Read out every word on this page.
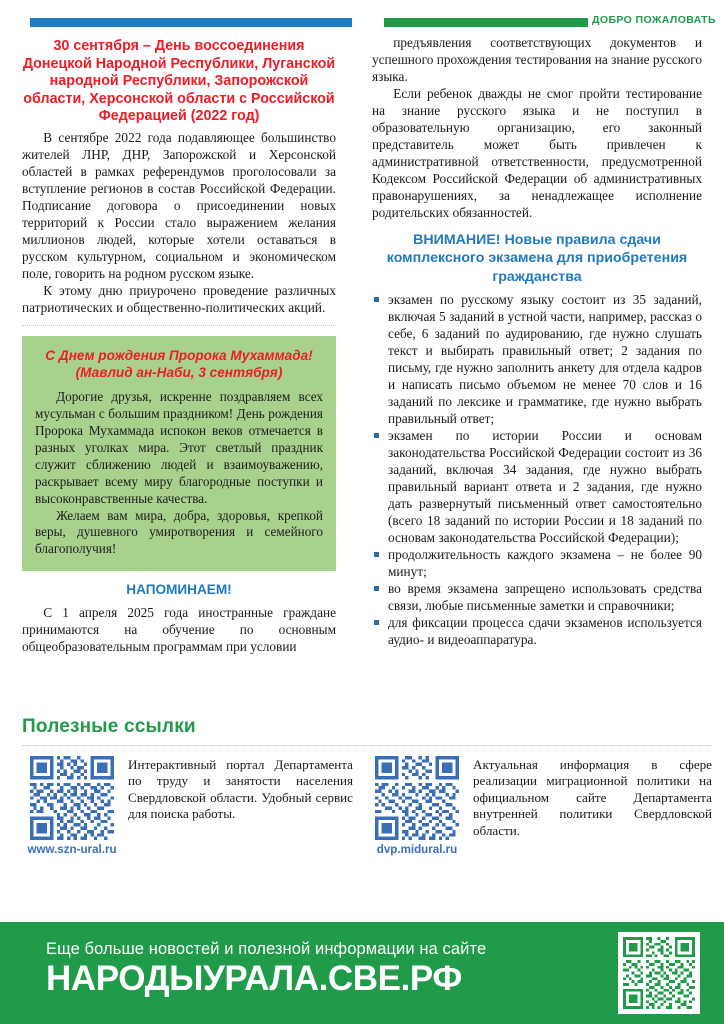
ДОБРО ПОЖАЛОВАТЬ
30 сентября – День воссоединения Донецкой Народной Республики, Луганской народной Республики, Запорожской области, Херсонской области с Российской Федерацией (2022 год)

В сентябре 2022 года подавляющее большинство жителей ЛНР, ДНР, Запорожской и Херсонской областей в рамках референдумов проголосовали за вступление регионов в состав Российской Федерации. Подписание договора о присоединении новых территорий к России стало выражением желания миллионов людей, которые хотели оставаться в русском культурном, социальном и экономическом поле, говорить на родном русском языке.

К этому дню приурочено проведение различных патриотических и общественно-политических акций.

С Днем рождения Пророка Мухаммада! (Мавлид ан-Наби, 3 сентября)

Дорогие друзья, искренне поздравляем всех мусульман с большим праздником! День рождения Пророка Мухаммада испокон веков отмечается в разных уголках мира. Этот светлый праздник служит сближению людей и взаимоуважению, раскрывает всему миру благородные поступки и высоконравственные качества.

Желаем вам мира, добра, здоровья, крепкой веры, душевного умиротворения и семейного благополучия!

НАПОМИНАЕМ!

С 1 апреля 2025 года иностранные граждане принимаются на обучение по основным общеобразовательным программам при условии

предъявления соответствующих документов и успешного прохождения тестирования на знание русского языка.

Если ребенок дважды не смог пройти тестирование на знание русского языка и не поступил в образовательную организацию, его законный представитель может быть привлечен к административной ответственности, предусмотренной Кодексом Российской Федерации об административных правонарушениях, за ненадлежащее исполнение родительских обязанностей.

ВНИМАНИЕ! Новые правила сдачи комплексного экзамена для приобретения гражданства
экзамен по русскому языку состоит из 35 заданий, включая 5 заданий в устной части, например, рассказ о себе, 6 заданий по аудированию, где нужно слушать текст и выбирать правильный ответ; 2 задания по письму, где нужно заполнить анкету для отдела кадров и написать письмо объемом не менее 70 слов и 16 заданий по лексике и грамматике, где нужно выбрать правильный ответ;
экзамен по истории России и основам законодательства Российской Федерации состоит из 36 заданий, включая 34 задания, где нужно выбрать правильный вариант ответа и 2 задания, где нужно дать развернутый письменный ответ самостоятельно (всего 18 заданий по истории России и 18 заданий по основам законодательства Российской Федерации);
продолжительность каждого экзамена – не более 90 минут;
во время экзамена запрещено использовать средства связи, любые письменные заметки и справочники;
для фиксации процесса сдачи экзаменов используется аудио- и видеоаппаратура.
Полезные ссылки
www.szn-ural.ru
Интерактивный портал Департамента по труду и занятости населения Свердловской области. Удобный сервис для поиска работы.
dvp.midural.ru
Актуальная информация в сфере реализации миграционной политики на официальном сайте Департамента внутренней политики Свердловской области.
Еще больше новостей и полезной информации на сайте
НАРОДЫУРАЛА.СВЕ.РФ
